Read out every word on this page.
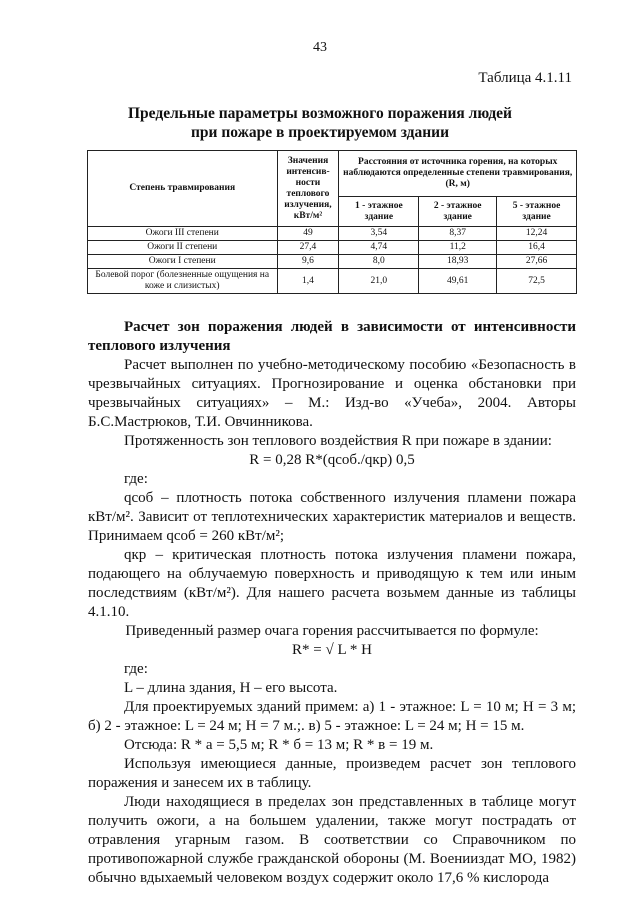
43
Таблица 4.1.11
Предельные параметры возможного поражения людей
при пожаре в проектируемом здании
Степень травмирования	Значения интенсив-ности теплового излучения, кВт/м²	Расстояния от источника горения, на которых наблюдаются определенные степени травмирования, (R, м)		
		1 - этажное здание	2 - этажное здание	5 - этажное здание
Ожоги III степени	49	3,54	8,37	12,24
Ожоги II степени	27,4	4,74	11,2	16,4
Ожоги I степени	9,6	8,0	18,93	27,66
Болевой порог (болезненные ощущения на коже и слизистых)	1,4	21,0	49,61	72,5

Расчет зон поражения людей в зависимости от интенсивности теплового излучения

Расчет выполнен по учебно-методическому пособию «Безопасность в чрезвычайных ситуациях. Прогнозирование и оценка обстановки при чрезвычайных ситуациях» – М.: Изд-во «Учеба», 2004. Авторы Б.С.Мастрюков, Т.И. Овчинникова.

Протяженность зон теплового воздействия R при пожаре в здании:

R = 0,28 R*(qсоб./qкр) 0,5

где:

qсоб – плотность потока собственного излучения пламени пожара кВт/м². Зависит от теплотехнических характеристик материалов и веществ. Принимаем qсоб = 260 кВт/м²;

qкр – критическая плотность потока излучения пламени пожара, подающего на облучаемую поверхность и приводящую к тем или иным последствиям (кВт/м²). Для нашего расчета возьмем данные из таблицы 4.1.10.

Приведенный размер очага горения рассчитывается по формуле:

R* = √ L * H

где:

L – длина здания, H – его высота.

Для проектируемых зданий примем: а) 1 - этажное: L = 10 м; H = 3 м; б) 2 - этажное: L = 24 м; H = 7 м.;. в) 5 - этажное: L = 24 м; H = 15 м.

Отсюда: R * а = 5,5 м; R * б = 13 м; R * в = 19 м.

Используя имеющиеся данные, произведем расчет зон теплового поражения и занесем их в таблицу.

Люди находящиеся в пределах зон представленных в таблице могут получить ожоги, а на большем удалении, также могут пострадать от отравления угарным газом. В соответствии со Справочником по противопожарной службе гражданской обороны (М. Военииздат МО, 1982) обычно вдыхаемый человеком воздух содержит около 17,6 % кислорода
